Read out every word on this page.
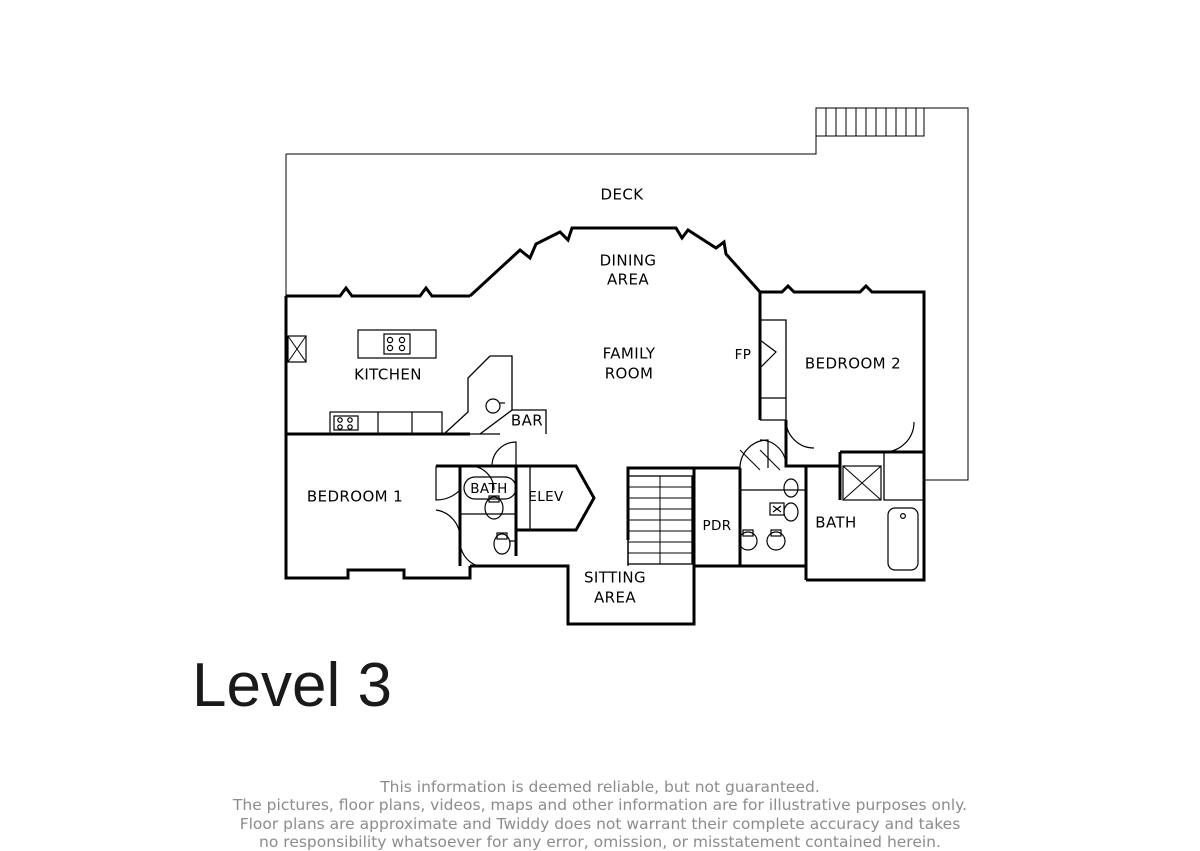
DECK
DINING
AREA
KITCHEN
FAMILY
ROOM
FP	BEDROOM 2
BAR
BEDROOM 1	BATH ELEV
PDR	BATH
SITTING
AREA
Level 3
This information is deemed reliable, but not guaranteed.
The pictures, floor plans, videos, maps and other information are for illustrative purposes only.
Floor plans are approximate and Twiddy does not warrant their complete accuracy and takes
no responsibility whatsoever for any error, omission, or misstatement contained herein.
